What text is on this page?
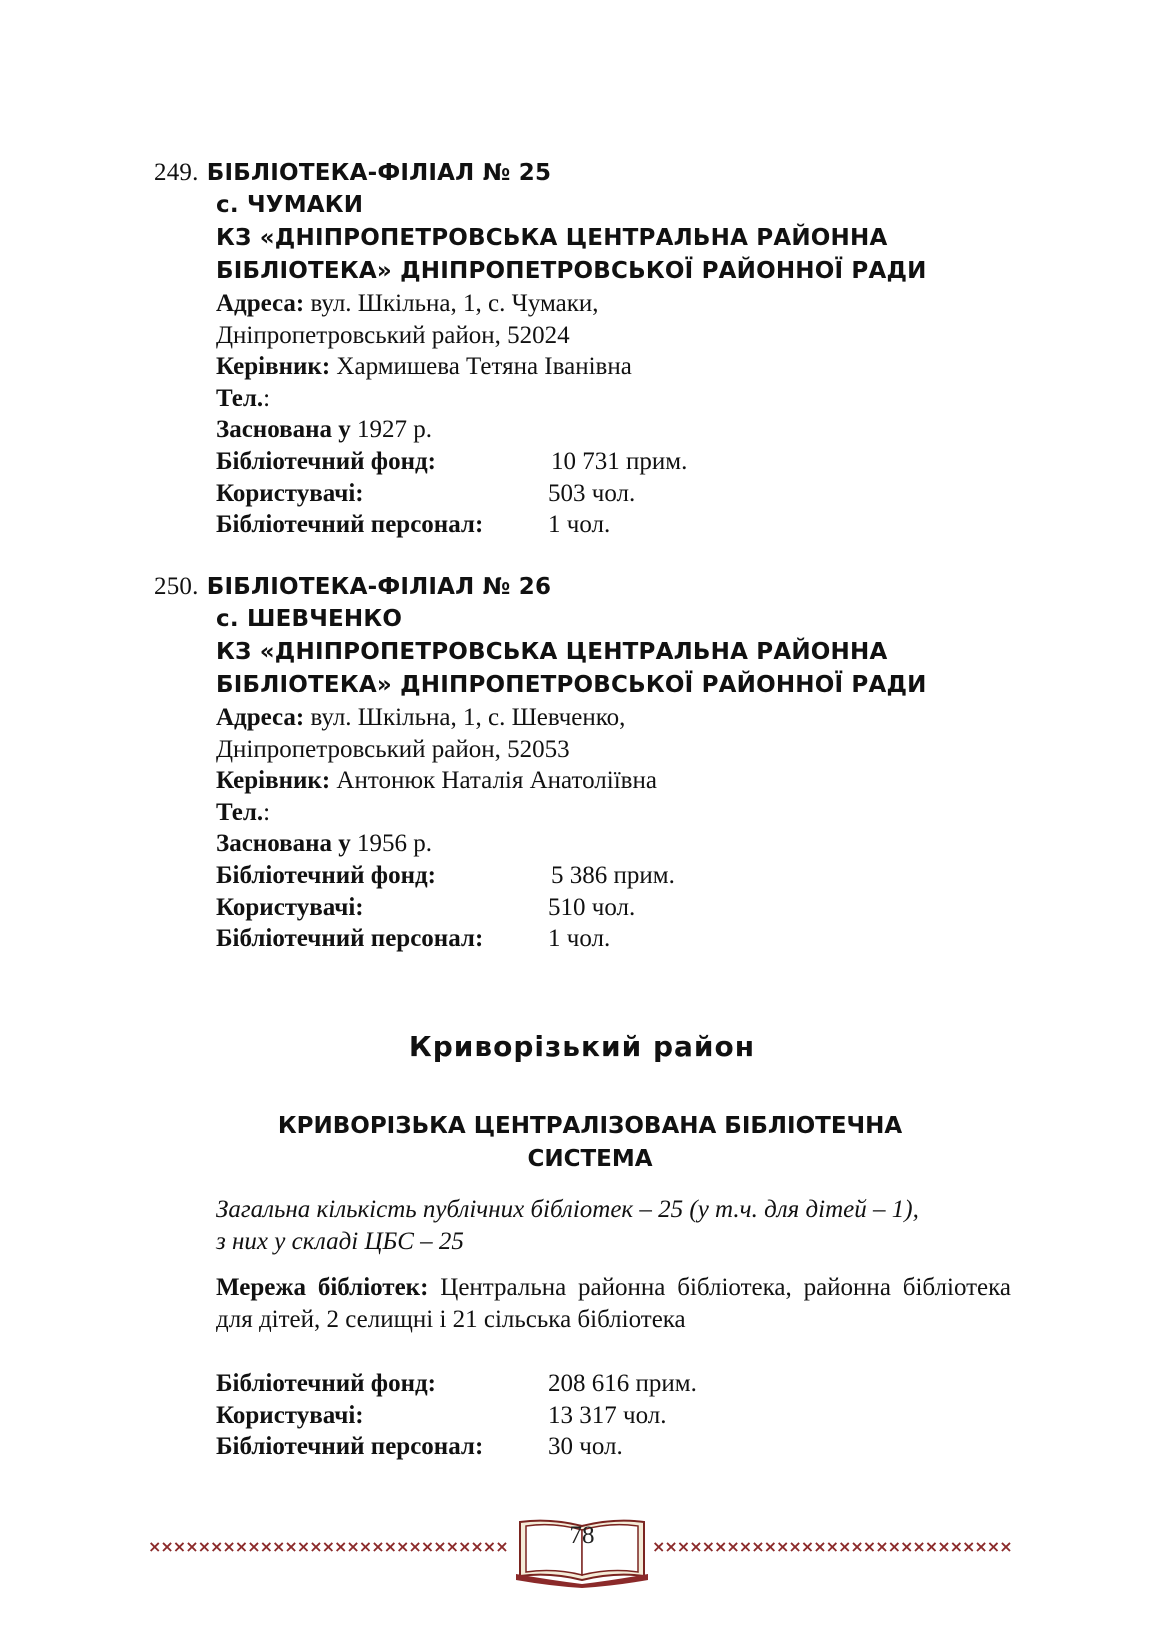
249. БІБЛІОТЕКА-ФІЛІАЛ № 25
с. ЧУМАКИ
КЗ «ДНІПРОПЕТРОВСЬКА ЦЕНТРАЛЬНА РАЙОННА
БІБЛІОТЕКА» ДНІПРОПЕТРОВСЬКОЇ РАЙОННОЇ РАДИ
Адреса: вул. Шкільна, 1, с. Чумаки,
Дніпропетровський район, 52024
Керівник: Хармишева Тетяна Іванівна
Тел.:
Заснована у 1927 р.
Бібліотечний фонд:	10 731 прим.
Користувачі:	503 чол.
Бібліотечний персонал:	1 чол.
250. БІБЛІОТЕКА-ФІЛІАЛ № 26
с. ШЕВЧЕНКО
КЗ «ДНІПРОПЕТРОВСЬКА ЦЕНТРАЛЬНА РАЙОННА
БІБЛІОТЕКА» ДНІПРОПЕТРОВСЬКОЇ РАЙОННОЇ РАДИ
Адреса: вул. Шкільна, 1, с. Шевченко,
Дніпропетровський район, 52053
Керівник: Антонюк Наталія Анатоліївна
Тел.:
Заснована у 1956 р.
Бібліотечний фонд:	5 386 прим.
Користувачі:	510 чол.
Бібліотечний персонал:	1 чол.
Криворізький район
КРИВОРІЗЬКА ЦЕНТРАЛІЗОВАНА БІБЛІОТЕЧНА
СИСТЕМА
Загальна кількість публічних бібліотек – 25 (у т.ч. для дітей – 1),
з них у складі ЦБС – 25
Мережа бібліотек: Центральна районна бібліотека, районна бібліотека для дітей, 2 селищні і 21 сільська бібліотека
Бібліотечний фонд:	208 616 прим.
Користувачі:	13 317 чол.
Бібліотечний персонал:	30 чол.
×
×
×
×
×
×
×
×
×
×
×
×
×
×
×
×
×
×
×
×
×
×
×
×
×
×
×
×
×	×
×
×
×
×
×
×
×
×
×
×
×
×
×
×
×
×
×
×
×
×
×
×
×
×
×
×
×
×
78
